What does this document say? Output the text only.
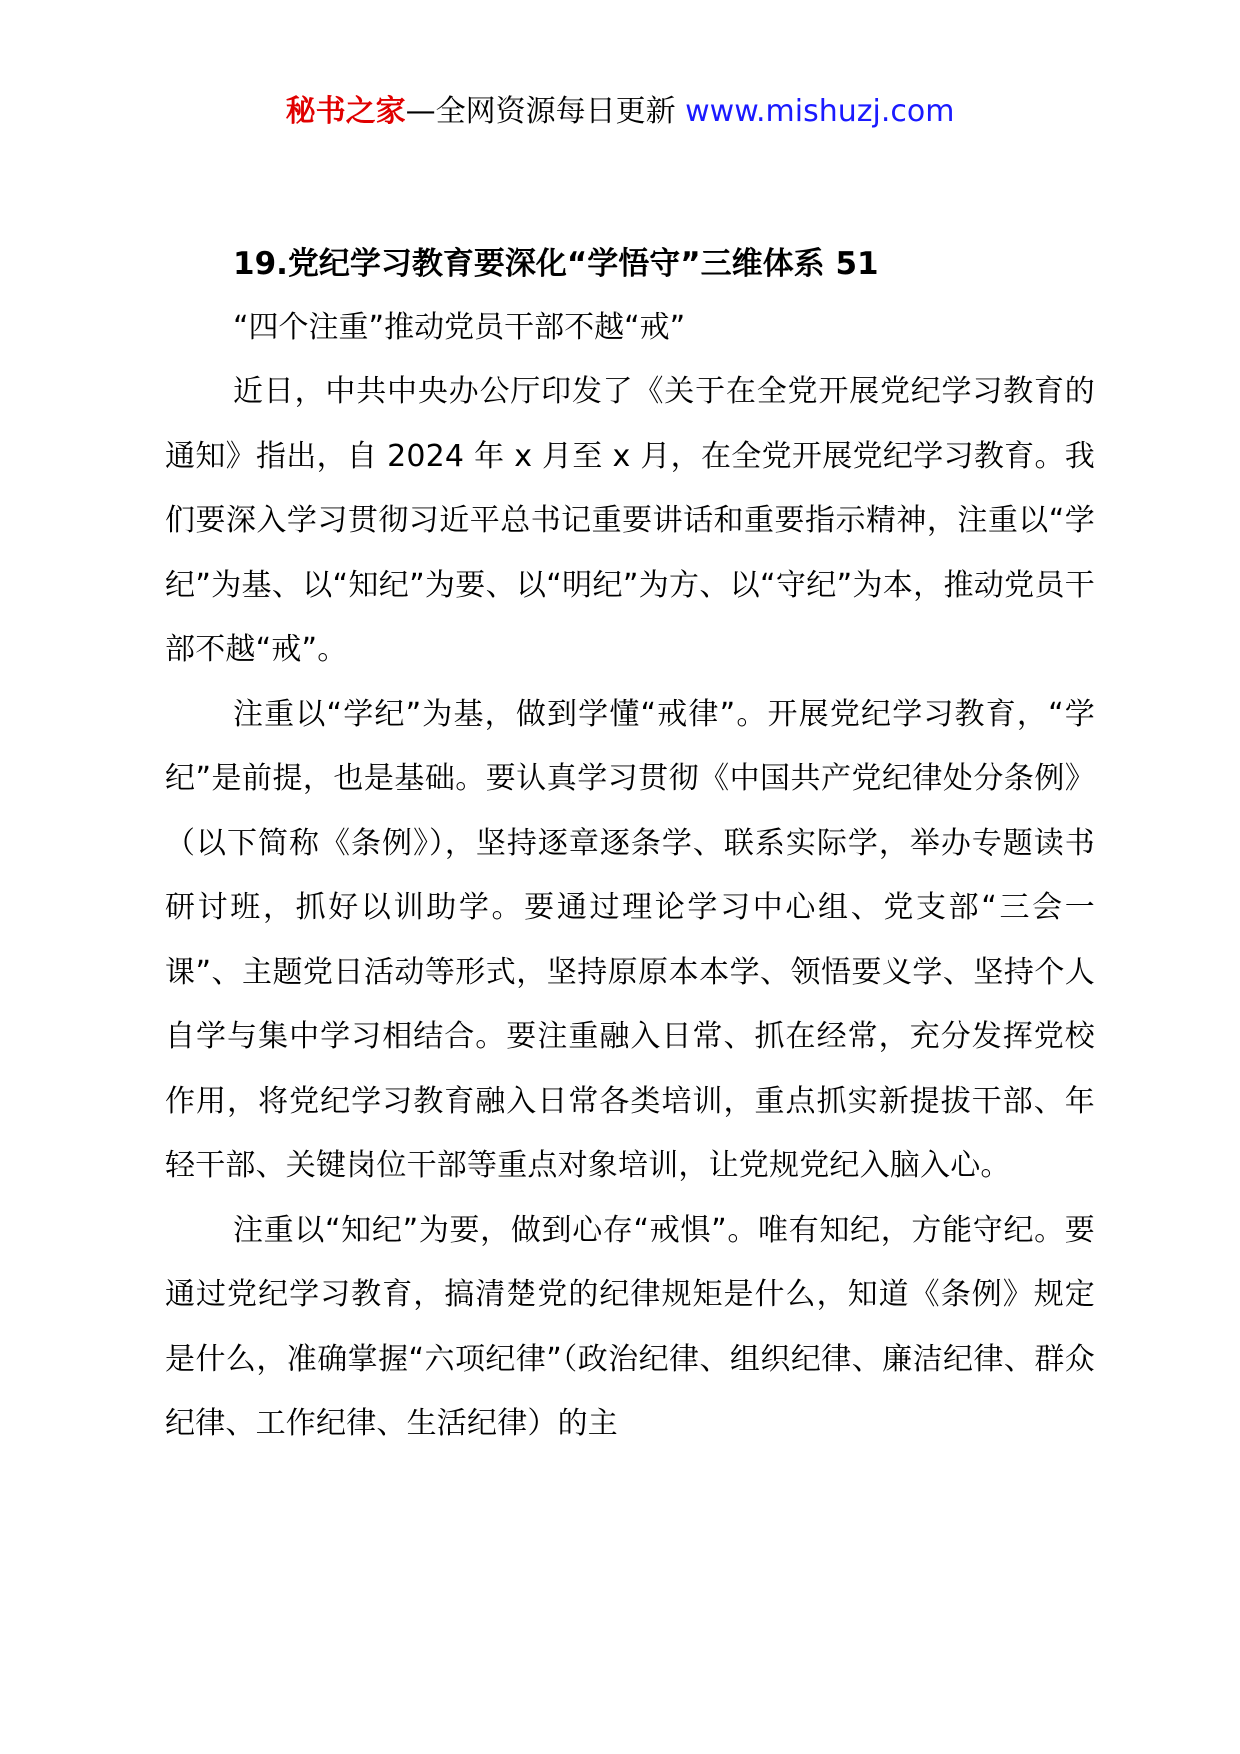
秘书之家—全网资源每日更新 www.mishuzj.com

19.党纪学习教育要深化“学悟守”三维体系 51

“四个注重”推动党员干部不越“戒”

近日，中共中央办公厅印发了《关于在全党开展党纪学习教育的通知》指出，自 2024 年 x 月至 x 月，在全党开展党纪学习教育。我们要深入学习贯彻习近平总书记重要讲话和重要指示精神，注重以“学纪”为基、以“知纪”为要、以“明纪”为方、以“守纪”为本，推动党员干部不越“戒”。

注重以“学纪”为基，做到学懂“戒律”。开展党纪学习教育，“学纪”是前提，也是基础。要认真学习贯彻《中国共产党纪律处分条例》（以下简称《条例》），坚持逐章逐条学、联系实际学，举办专题读书研讨班，抓好以训助学。要通过理论学习中心组、党支部“三会一课”、主题党日活动等形式，坚持原原本本学、领悟要义学、坚持个人自学与集中学习相结合。要注重融入日常、抓在经常，充分发挥党校作用，将党纪学习教育融入日常各类培训，重点抓实新提拔干部、年轻干部、关键岗位干部等重点对象培训，让党规党纪入脑入心。

注重以“知纪”为要，做到心存“戒惧”。唯有知纪，方能守纪。要通过党纪学习教育，搞清楚党的纪律规矩是什么，知道《条例》规定是什么，准确掌握“六项纪律”（政治纪律、组织纪律、廉洁纪律、群众纪律、工作纪律、生活纪律）的主
